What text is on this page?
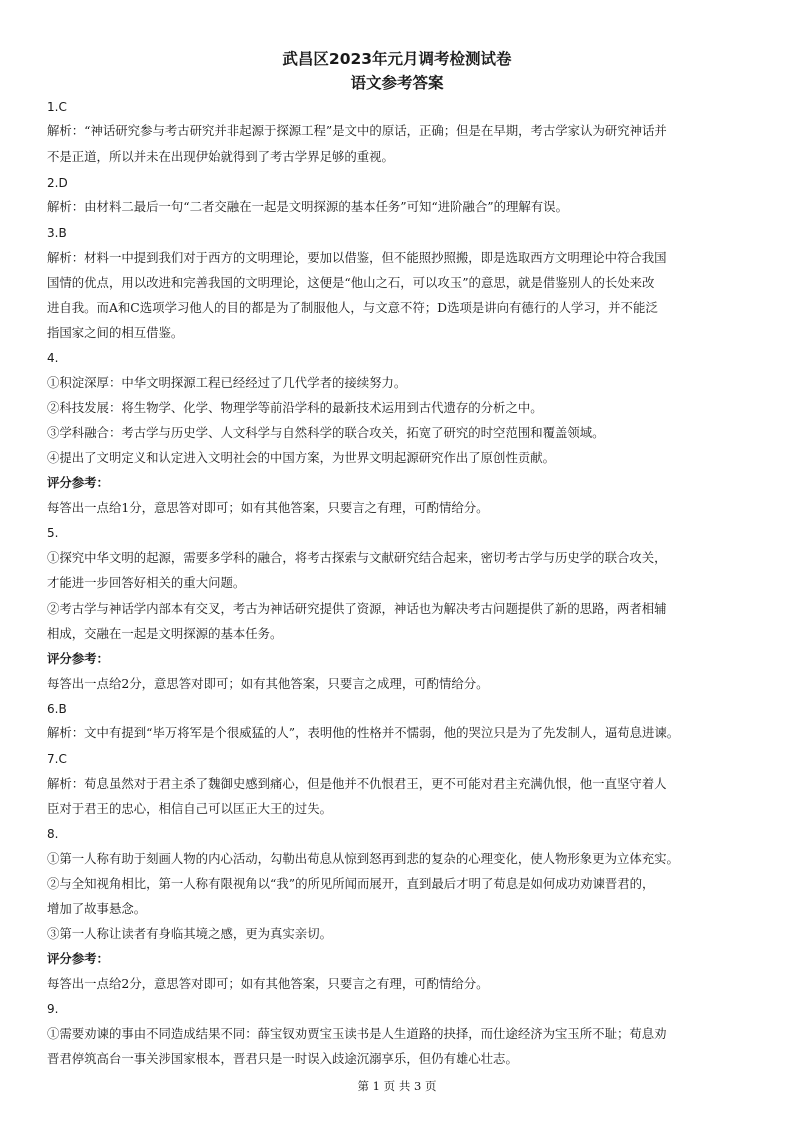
武昌区2023年元月调考检测试卷
语文参考答案
1.C
解析：“神话研究参与考古研究并非起源于探源工程”是文中的原话，正确；但是在早期，考古学家认为研究神话并
不是正道，所以并未在出现伊始就得到了考古学界足够的重视。
2.D
解析：由材料二最后一句“二者交融在一起是文明探源的基本任务”可知“进阶融合”的理解有误。
3.B
解析：材料一中提到我们对于西方的文明理论，要加以借鉴，但不能照抄照搬，即是选取西方文明理论中符合我国
国情的优点，用以改进和完善我国的文明理论，这便是“他山之石，可以攻玉”的意思，就是借鉴别人的长处来改
进自我。而A和C选项学习他人的目的都是为了制服他人，与文意不符；D选项是讲向有德行的人学习，并不能泛
指国家之间的相互借鉴。
4.
①积淀深厚：中华文明探源工程已经经过了几代学者的接续努力。
②科技发展：将生物学、化学、物理学等前沿学科的最新技术运用到古代遗存的分析之中。
③学科融合：考古学与历史学、人文科学与自然科学的联合攻关，拓宽了研究的时空范围和覆盖领域。
④提出了文明定义和认定进入文明社会的中国方案，为世界文明起源研究作出了原创性贡献。
评分参考：
每答出一点给1分，意思答对即可；如有其他答案，只要言之有理，可酌情给分。
5.
①探究中华文明的起源，需要多学科的融合，将考古探索与文献研究结合起来，密切考古学与历史学的联合攻关，
才能进一步回答好相关的重大问题。
②考古学与神话学内部本有交叉，考古为神话研究提供了资源，神话也为解决考古问题提供了新的思路，两者相辅
相成，交融在一起是文明探源的基本任务。
评分参考：
每答出一点给2分，意思答对即可；如有其他答案，只要言之成理，可酌情给分。
6.B
解析：文中有提到“毕万将军是个很威猛的人”，表明他的性格并不懦弱，他的哭泣只是为了先发制人，逼荀息进谏。
7.C
解析：荀息虽然对于君主杀了魏御史感到痛心，但是他并不仇恨君王，更不可能对君主充满仇恨，他一直坚守着人
臣对于君王的忠心，相信自己可以匡正大王的过失。
8.
①第一人称有助于刻画人物的内心活动，勾勒出荀息从惊到怒再到悲的复杂的心理变化，使人物形象更为立体充实。
②与全知视角相比，第一人称有限视角以“我”的所见所闻而展开，直到最后才明了荀息是如何成功劝谏晋君的，
增加了故事悬念。
③第一人称让读者有身临其境之感，更为真实亲切。
评分参考：
每答出一点给2分，意思答对即可；如有其他答案，只要言之有理，可酌情给分。
9.
①需要劝谏的事由不同造成结果不同：薛宝钗劝贾宝玉读书是人生道路的抉择，而仕途经济为宝玉所不耻；荀息劝
晋君停筑高台一事关涉国家根本，晋君只是一时误入歧途沉溺享乐，但仍有雄心壮志。
第 1 页 共 3 页
